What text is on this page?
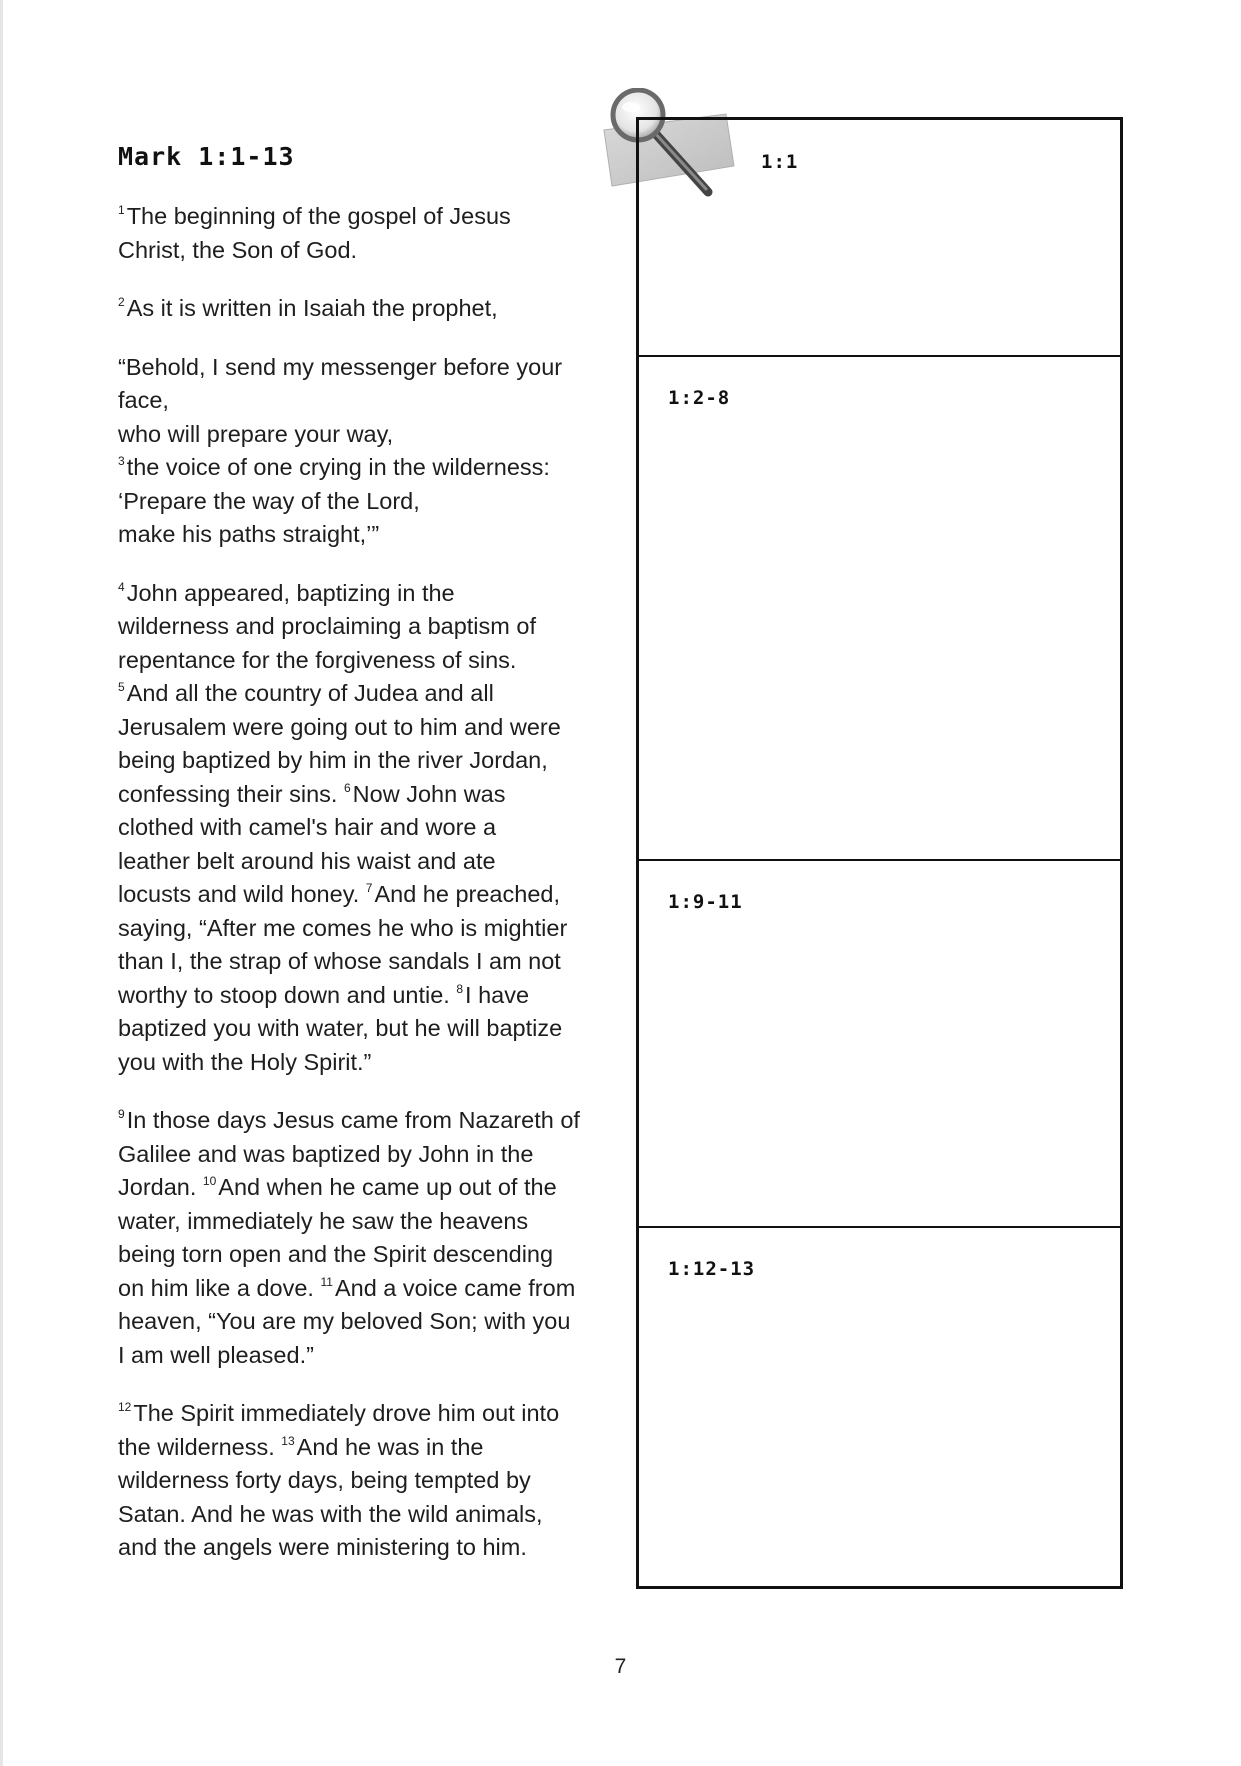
Mark 1:1-13

$^1$The beginning of the gospel of Jesus
Christ, the Son of God.

$^2$As it is written in Isaiah the prophet,

“Behold, I send my messenger before your
face,
who will prepare your way,
$^3$the voice of one crying in the wilderness:
‘Prepare the way of the Lord,
make his paths straight,’”

$^4$John appeared, baptizing in the
wilderness and proclaiming a baptism of
repentance for the forgiveness of sins.
$^5$And all the country of Judea and all
Jerusalem were going out to him and were
being baptized by him in the river Jordan,
confessing their sins. $^6$Now John was
clothed with camel's hair and wore a
leather belt around his waist and ate
locusts and wild honey. $^7$And he preached,
saying, “After me comes he who is mightier
than I, the strap of whose sandals I am not
worthy to stoop down and untie. $^8$I have
baptized you with water, but he will baptize
you with the Holy Spirit.”

$^9$In those days Jesus came from Nazareth of
Galilee and was baptized by John in the
Jordan. $^{10}$And when he came up out of the
water, immediately he saw the heavens
being torn open and the Spirit descending
on him like a dove. $^{11}$And a voice came from
heaven, “You are my beloved Son; with you
I am well pleased.”

$^{12}$The Spirit immediately drove him out into
the wilderness. $^{13}$And he was in the
wilderness forty days, being tempted by
Satan. And he was with the wild animals,
and the angels were ministering to him.

1:1
1:2-8
1:9-11
1:12-13
7
